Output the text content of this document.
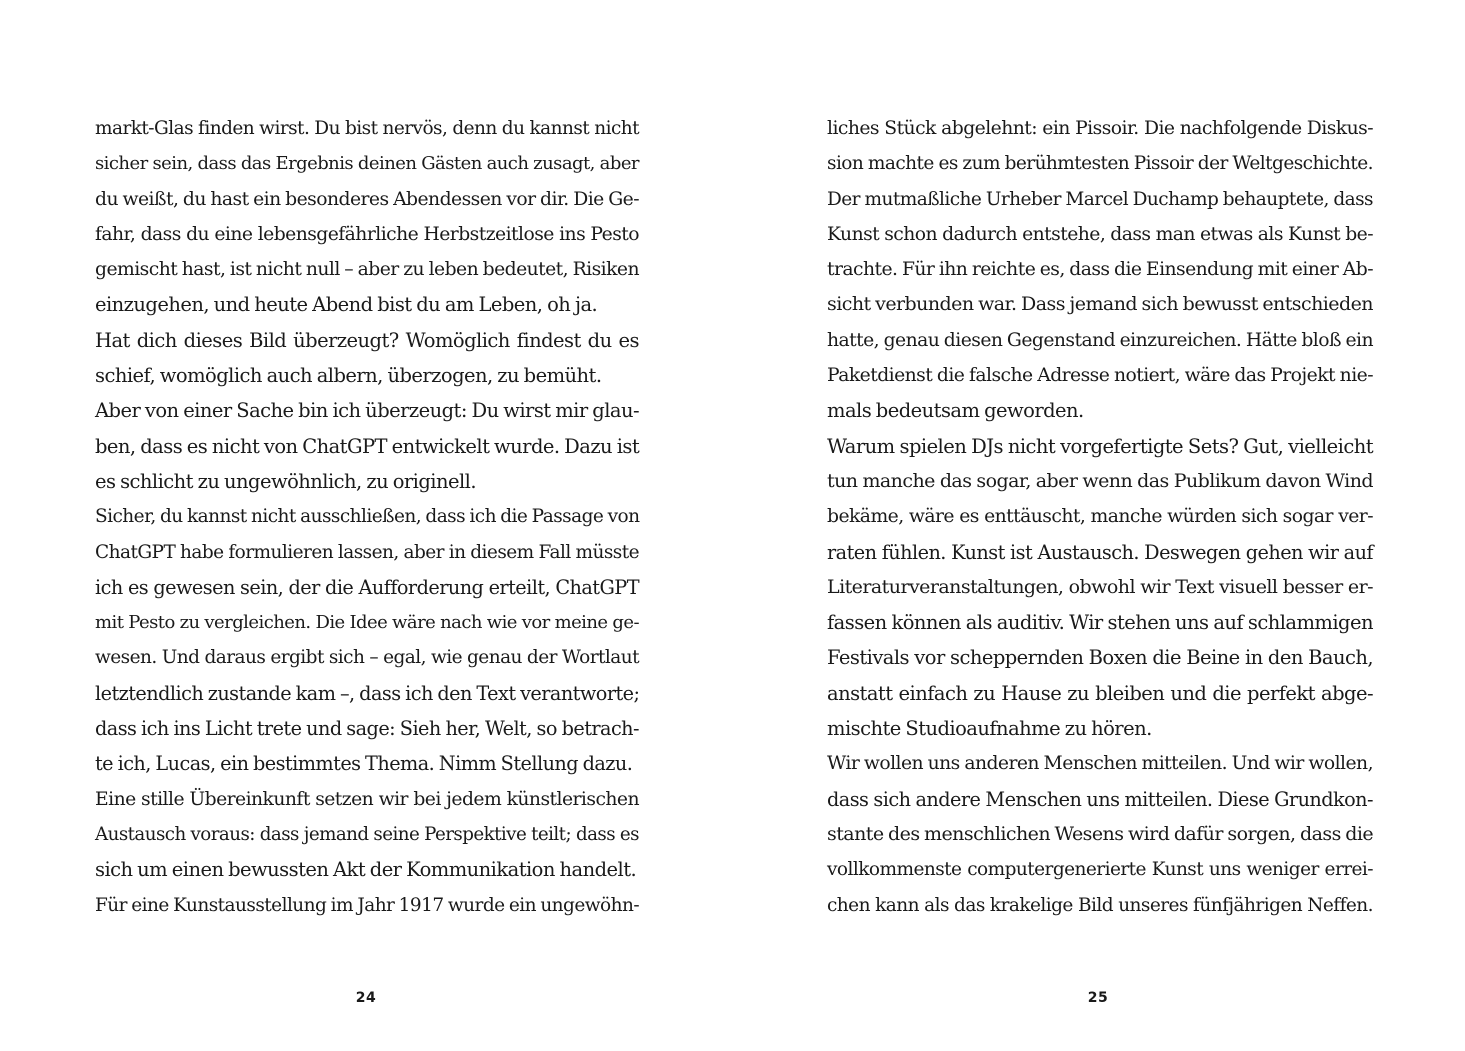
markt-Glas finden wirst. Du bist nervös, denn du kannst nicht
sicher sein, dass das Ergebnis deinen Gästen auch zusagt, aber
du weißt, du hast ein besonderes Abendessen vor dir. Die Ge-
fahr, dass du eine lebensgefährliche Herbstzeitlose ins Pesto
gemischt hast, ist nicht null – aber zu leben bedeutet, Risiken
einzugehen, und heute Abend bist du am Leben, oh ja.
Hat dich dieses Bild überzeugt? Womöglich findest du es
schief, womöglich auch albern, überzogen, zu bemüht.
Aber von einer Sache bin ich überzeugt: Du wirst mir glau-
ben, dass es nicht von ChatGPT entwickelt wurde. Dazu ist
es schlicht zu ungewöhnlich, zu originell.
Sicher, du kannst nicht ausschließen, dass ich die Passage von
ChatGPT habe formulieren lassen, aber in diesem Fall müsste
ich es gewesen sein, der die Aufforderung erteilt, ChatGPT
mit Pesto zu vergleichen. Die Idee wäre nach wie vor meine ge-
wesen. Und daraus ergibt sich – egal, wie genau der Wortlaut
letztendlich zustande kam –, dass ich den Text verantworte;
dass ich ins Licht trete und sage: Sieh her, Welt, so betrach-
te ich, Lucas, ein bestimmtes Thema. Nimm Stellung dazu.
Eine stille Übereinkunft setzen wir bei jedem künstlerischen
Austausch voraus: dass jemand seine Perspektive teilt; dass es
sich um einen bewussten Akt der Kommunikation handelt.
Für eine Kunstausstellung im Jahr 1917 wurde ein ungewöhn-
24
liches Stück abgelehnt: ein Pissoir. Die nachfolgende Diskus-
sion machte es zum berühmtesten Pissoir der Weltgeschichte.
Der mutmaßliche Urheber Marcel Duchamp behauptete, dass
Kunst schon dadurch entstehe, dass man etwas als Kunst be-
trachte. Für ihn reichte es, dass die Einsendung mit einer Ab-
sicht verbunden war. Dass jemand sich bewusst entschieden
hatte, genau diesen Gegenstand einzureichen. Hätte bloß ein
Paketdienst die falsche Adresse notiert, wäre das Projekt nie-
mals bedeutsam geworden.
Warum spielen DJs nicht vorgefertigte Sets? Gut, vielleicht
tun manche das sogar, aber wenn das Publikum davon Wind
bekäme, wäre es enttäuscht, manche würden sich sogar ver-
raten fühlen. Kunst ist Austausch. Deswegen gehen wir auf
Literaturveranstaltungen, obwohl wir Text visuell besser er-
fassen können als auditiv. Wir stehen uns auf schlammigen
Festivals vor scheppernden Boxen die Beine in den Bauch,
anstatt einfach zu Hause zu bleiben und die perfekt abge-
mischte Studioaufnahme zu hören.
Wir wollen uns anderen Menschen mitteilen. Und wir wollen,
dass sich andere Menschen uns mitteilen. Diese Grundkon-
stante des menschlichen Wesens wird dafür sorgen, dass die
vollkommenste computergenerierte Kunst uns weniger errei-
chen kann als das krakelige Bild unseres fünfjährigen Neffen.
25
